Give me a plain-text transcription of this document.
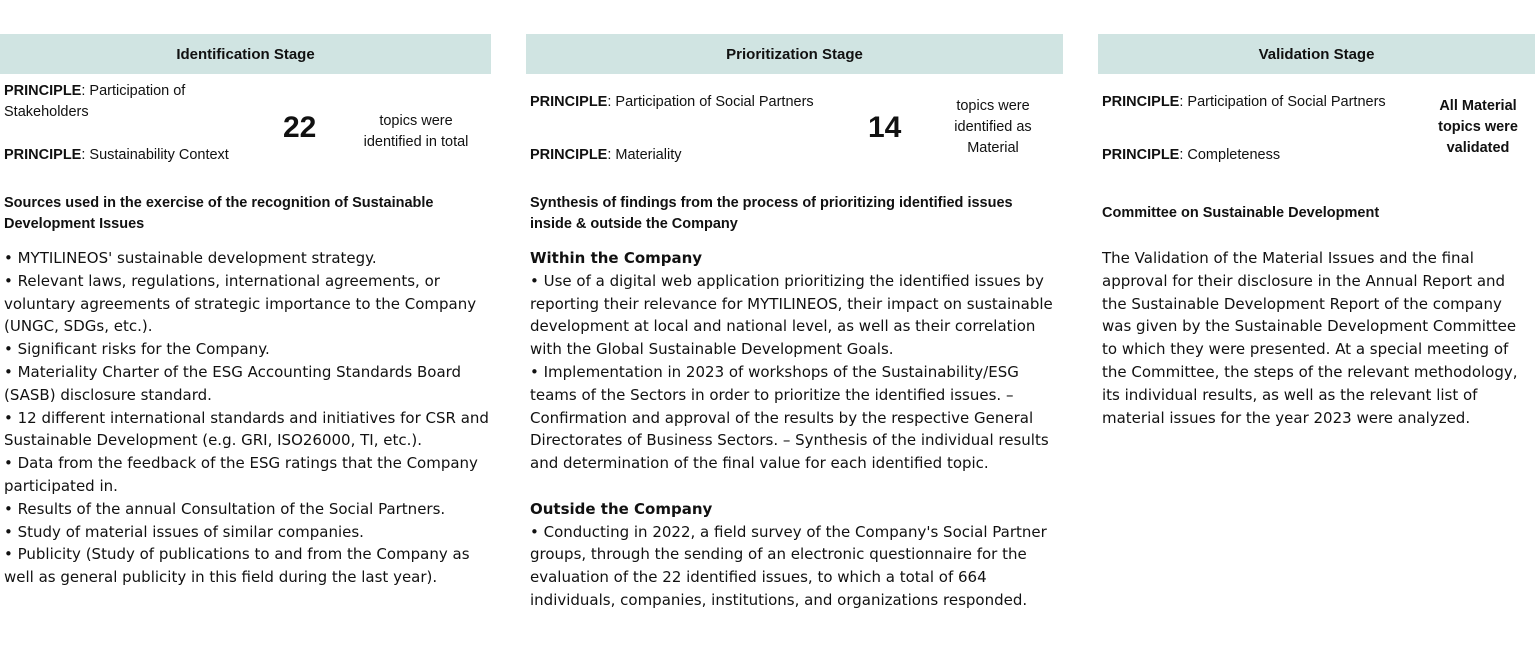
Identification Stage
PRINCIPLE: Participation of Stakeholders
PRINCIPLE: Sustainability Context
22	topics were identified in total
Sources used in the exercise of the recognition of Sustainable Development Issues

• MYTILINEOS' sustainable development strategy.

• Relevant laws, regulations, international agreements, or voluntary agreements of strategic importance to the Company (UNGC, SDGs, etc.).

• Significant risks for the Company.

• Materiality Charter of the ESG Accounting Standards Board (SASB) disclosure standard.

• 12 different international standards and initiatives for CSR and Sustainable Development (e.g. GRI, ISO26000, TI, etc.).

• Data from the feedback of the ESG ratings that the Company participated in.

• Results of the annual Consultation of the Social Partners.

• Study of material issues of similar companies.

• Publicity (Study of publications to and from the Company as well as general publicity in this field during the last year).

Prioritization Stage
PRINCIPLE: Participation of Social Partners
PRINCIPLE: Materiality
14
topics were identified as Material
Synthesis of findings from the process of prioritizing identified issues inside & outside the Company
Within the Company

• Use of a digital web application prioritizing the identified issues by reporting their relevance for MYTILINEOS, their impact on sustainable development at local and national level, as well as their correlation with the Global Sustainable Development Goals.

• Implementation in 2023 of workshops of the Sustainability/ESG teams of the Sectors in order to prioritize the identified issues. – Confirmation and approval of the results by the respective General Directorates of Business Sectors. – Synthesis of the individual results and determination of the final value for each identified topic.

Outside the Company

• Conducting in 2022, a field survey of the Company's Social Partner groups, through the sending of an electronic questionnaire for the evaluation of the 22 identified issues, to which a total of 664 individuals, companies, institutions, and organizations responded.

Validation Stage
PRINCIPLE: Participation of Social Partners
PRINCIPLE: Completeness
All Material topics were validated
Committee on Sustainable Development

The Validation of the Material Issues and the final approval for their disclosure in the Annual Report and the Sustainable Development Report of the company was given by the Sustainable Development Committee to which they were presented. At a special meeting of the Committee, the steps of the relevant methodology, its individual results, as well as the relevant list of material issues for the year 2023 were analyzed.
